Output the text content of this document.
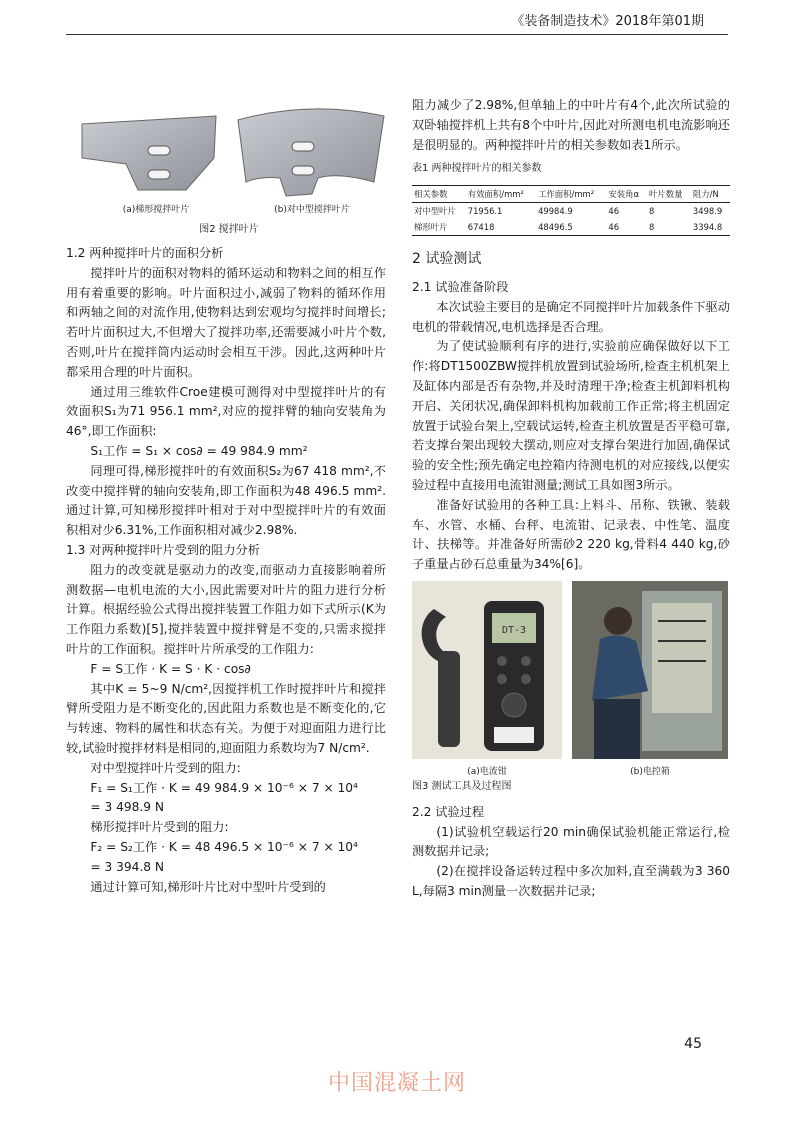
《装备制造技术》2018年第01期
(a)梯形搅拌叶片	(b)对中型搅拌叶片
图2 搅拌叶片

1.2 两种搅拌叶片的面积分析

搅拌叶片的面积对物料的循环运动和物料之间的相互作用有着重要的影响。叶片面积过小,减弱了物料的循环作用和两轴之间的对流作用,使物料达到宏观均匀搅拌时间增长;若叶片面积过大,不但增大了搅拌功率,还需要减小叶片个数,否则,叶片在搅拌筒内运动时会相互干涉。因此,这两种叶片都采用合理的叶片面积。

通过用三维软件Croe建模可测得对中型搅拌叶片的有效面积S₁为71 956.1 mm²,对应的搅拌臂的轴向安装角为46°,即工作面积:

S₁工作 = S₁ × cos∂ = 49 984.9 mm²

同理可得,梯形搅拌叶的有效面积S₂为67 418 mm²,不改变中搅拌臂的轴向安装角,即工作面积为48 496.5 mm². 通过计算,可知梯形搅拌叶相对于对中型搅拌叶片的有效面积相对少6.31%,工作面积相对减少2.98%.

1.3 对两种搅拌叶片受到的阻力分析

阻力的改变就是驱动力的改变,而驱动力直接影响着所测数据—电机电流的大小,因此需要对叶片的阻力进行分析计算。根据经验公式得出搅拌装置工作阻力如下式所示(K为工作阻力系数)[5],搅拌装置中搅拌臂是不变的,只需求搅拌叶片的工作面积。搅拌叶片所承受的工作阻力:

F = S工作 · K = S · K · cos∂

其中K = 5~9 N/cm²,因搅拌机工作时搅拌叶片和搅拌臂所受阻力是不断变化的,因此阻力系数也是不断变化的,它与转速、物料的属性和状态有关。为便于对迎面阻力进行比较,试验时搅拌材料是相同的,迎面阻力系数均为7 N/cm².

对中型搅拌叶片受到的阻力:

F₁ = S₁工作 · K = 49 984.9 × 10⁻⁶ × 7 × 10⁴

= 3 498.9 N

梯形搅拌叶片受到的阻力:

F₂ = S₂工作 · K = 48 496.5 × 10⁻⁶ × 7 × 10⁴

= 3 394.8 N

通过计算可知,梯形叶片比对中型叶片受到的

阻力减少了2.98%,但单轴上的中叶片有4个,此次所试验的双卧轴搅拌机上共有8个中叶片,因此对所测电机电流影响还是很明显的。两种搅拌叶片的相关参数如表1所示。

表1 两种搅拌叶片的相关参数

相关参数	有效面积/mm²	工作面积/mm²	安装角α	叶片数量	阻力/N
对中型叶片	71956.1	49984.9	46	8	3498.9
梯形叶片	67418	48496.5	46	8	3394.8

2 试验测试

2.1 试验准备阶段

本次试验主要目的是确定不同搅拌叶片加载条件下驱动电机的带载情况,电机选择是否合理。

为了使试验顺利有序的进行,实验前应确保做好以下工作:将DT1500ZBW搅拌机放置到试验场所,检查主机机架上及缸体内部是否有杂物,并及时清理干净;检查主机卸料机构开启、关闭状况,确保卸料机构加载前工作正常;将主机固定放置于试验台架上,空载试运转,检查主机放置是否平稳可靠,若支撑台架出现较大摆动,则应对支撑台架进行加固,确保试验的安全性;预先确定电控箱内待测电机的对应接线,以便实验过程中直接用电流钳测量;测试工具如图3所示。

准备好试验用的各种工具:上料斗、吊称、铁锹、装载车、水管、水桶、台秤、电流钳、记录表、中性笔、温度计、扶梯等。并准备好所需砂2 220 kg,骨料4 440 kg,砂子重量占砂石总重量为34%[6]。

DT-3
(a)电流钳	(b)电控箱

图3 测试工具及过程图

2.2 试验过程

(1)试验机空载运行20 min确保试验机能正常运行,检测数据并记录;

(2)在搅拌设备运转过程中多次加料,直至满载为3 360 L,每隔3 min测量一次数据并记录;

45
中国混凝土网
